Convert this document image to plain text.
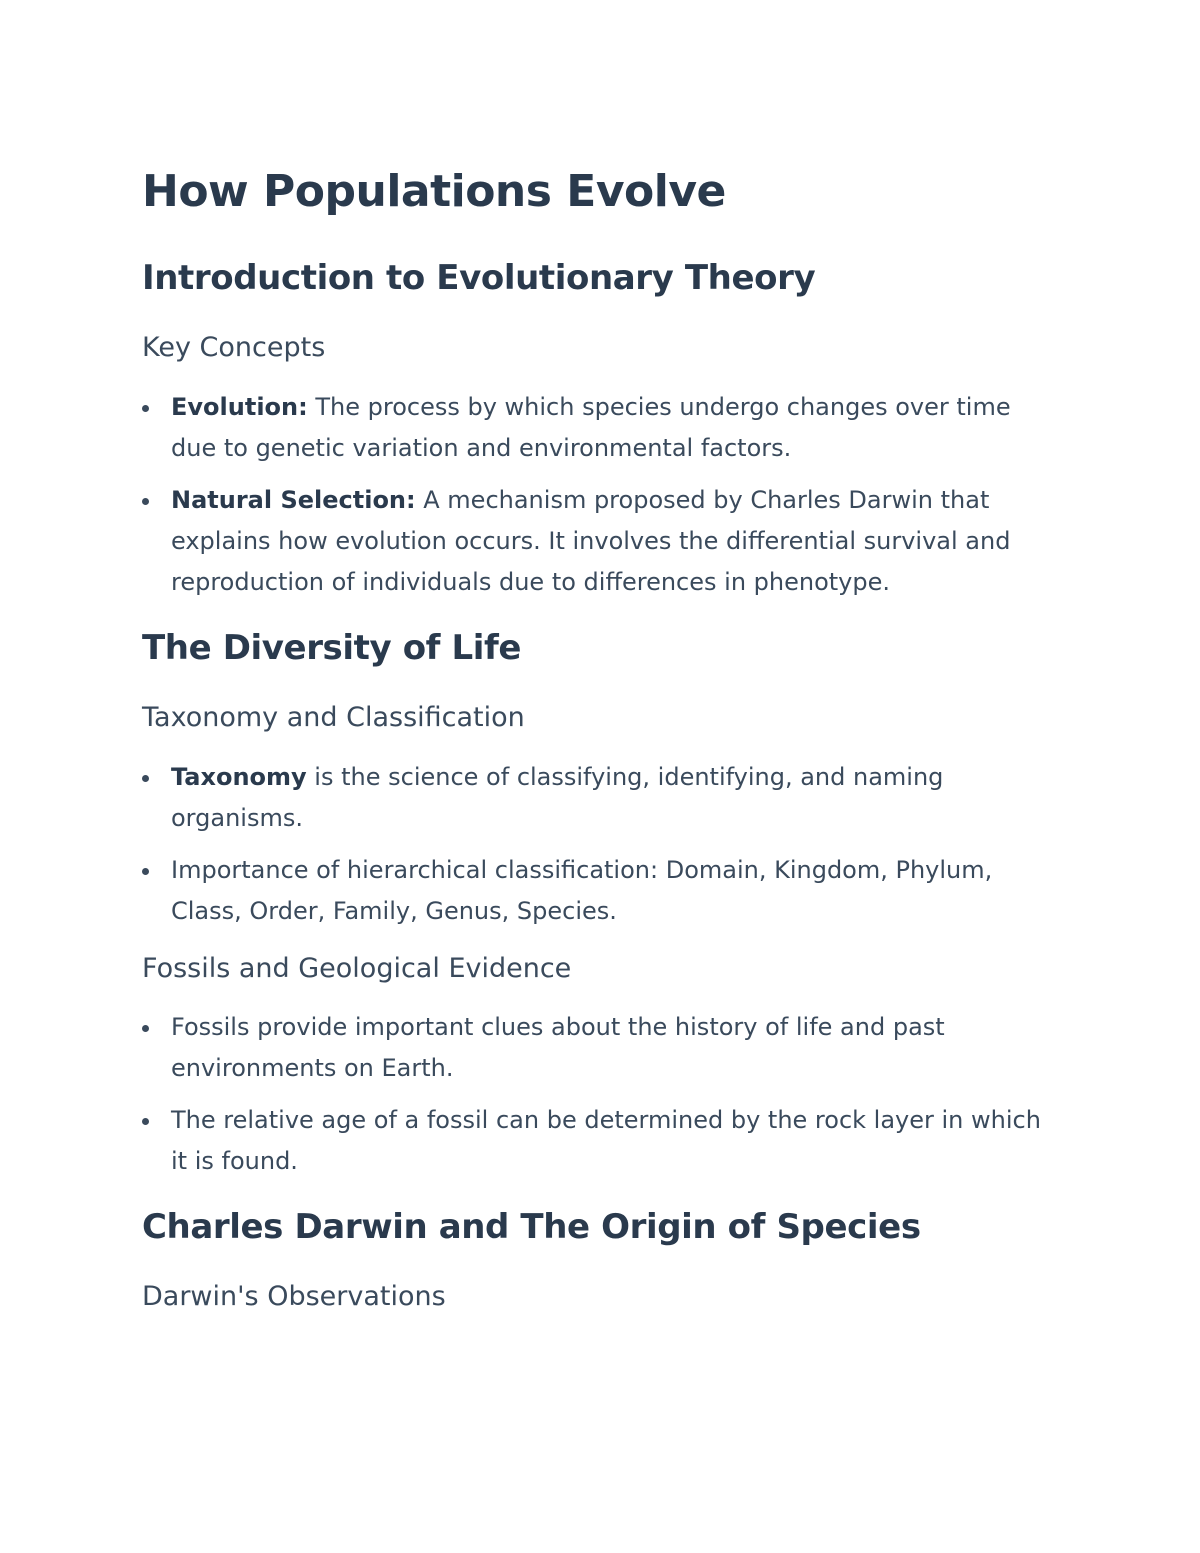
How Populations Evolve
Introduction to Evolutionary Theory
Key Concepts
Evolution: The process by which species undergo changes over time due to genetic variation and environmental factors.
Natural Selection: A mechanism proposed by Charles Darwin that explains how evolution occurs. It involves the differential survival and reproduction of individuals due to differences in phenotype.
The Diversity of Life
Taxonomy and Classification
Taxonomy is the science of classifying, identifying, and naming organisms.
Importance of hierarchical classification: Domain, Kingdom, Phylum, Class, Order, Family, Genus, Species.
Fossils and Geological Evidence
Fossils provide important clues about the history of life and past environments on Earth.
The relative age of a fossil can be determined by the rock layer in which it is found.
Charles Darwin and The Origin of Species
Darwin's Observations
